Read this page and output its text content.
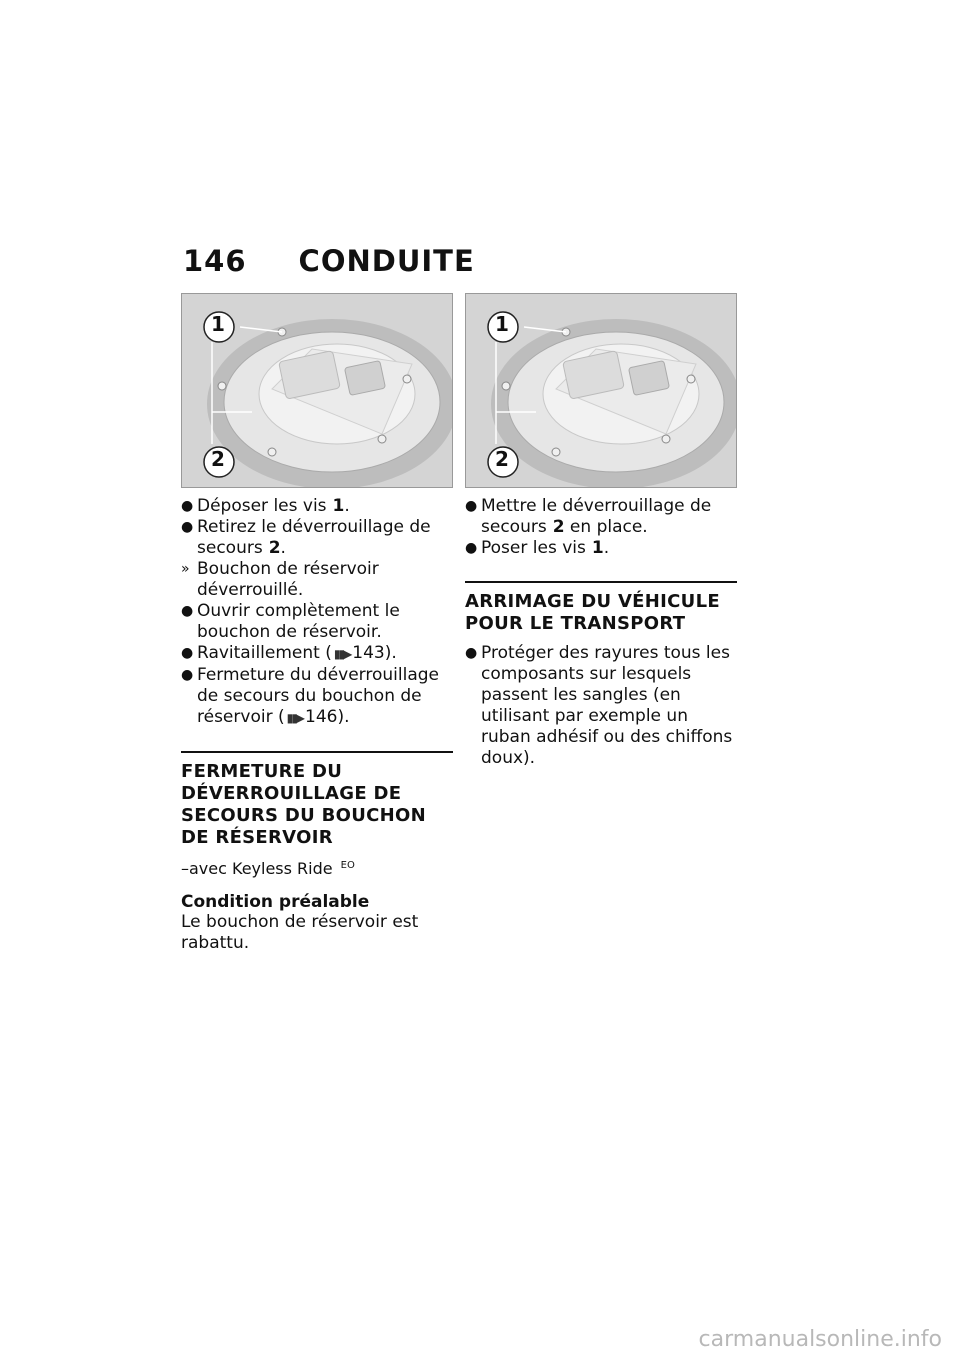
146 CONDUITE
1
2
● Déposer les vis 1.
● Retirez le déverrouillage de secours 2.
» Bouchon de réservoir déverrouillé.
● Ouvrir complètement le bouchon de réservoir.
● Ravitaillement ( ▮▮▶ 143).
● Fermeture du déverrouillage de secours du bouchon de réservoir ( ▮▮▶ 146).
FERMETURE DU DÉVERROUILLAGE DE SECOURS DU BOUCHON DE RÉSERVOIR
–avec Keyless Ride $^{EO}$
Condition préalable
Le bouchon de réservoir est rabattu.
1
2
● Mettre le déverrouillage de secours 2 en place.
● Poser les vis 1.
ARRIMAGE DU VÉHICULE POUR LE TRANSPORT
● Protéger des rayures tous les composants sur lesquels passent les sangles (en utilisant par exemple un ruban adhésif ou des chiffons doux).
carmanualsonline.info
